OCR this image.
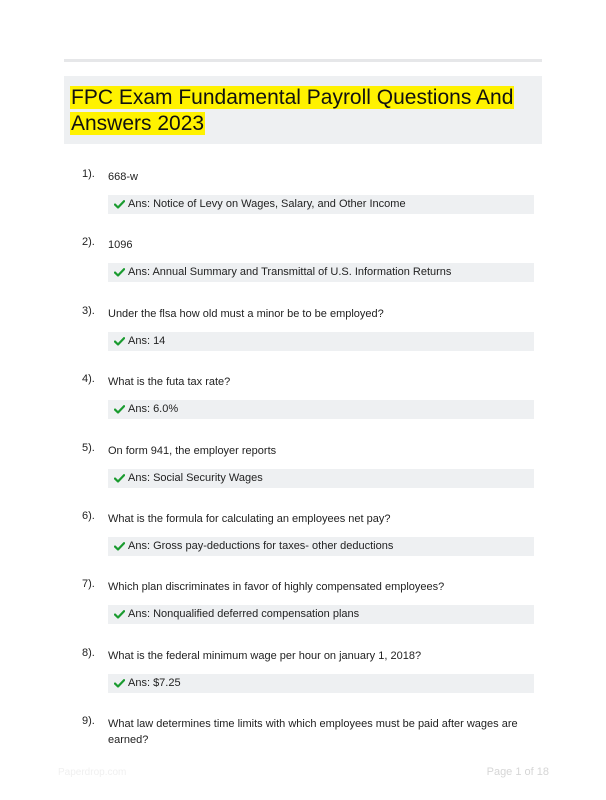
FPC Exam Fundamental Payroll Questions And Answers 2023
1). 668-w
Ans: Notice of Levy on Wages, Salary, and Other Income
2). 1096
Ans: Annual Summary and Transmittal of U.S. Information Returns
3). Under the flsa how old must a minor be to be employed?
Ans: 14
4). What is the futa tax rate?
Ans: 6.0%
5). On form 941, the employer reports
Ans: Social Security Wages
6). What is the formula for calculating an employees net pay?
Ans: Gross pay-deductions for taxes- other deductions
7). Which plan discriminates in favor of highly compensated employees?
Ans: Nonqualified deferred compensation plans
8). What is the federal minimum wage per hour on january 1, 2018?
Ans: $7.25
9). What law determines time limits with which employees must be paid after wages are earned?
Paperdrop.com	Page 1 of 18
